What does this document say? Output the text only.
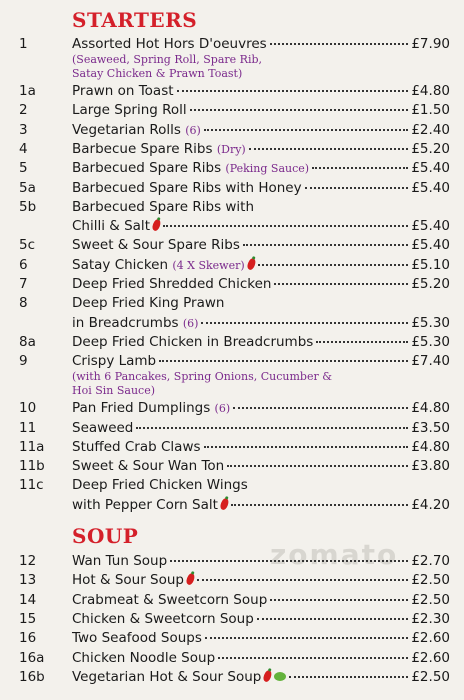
zomato
STARTERS
1	Assorted Hot Hors D'oeuvres	£7.90
(Seaweed, Spring Roll, Spare Rib,
Satay Chicken & Prawn Toast)
1a	Prawn on Toast	£4.80
2	Large Spring Roll	£1.50
3	Vegetarian Rolls (6)	£2.40
4	Barbecue Spare Ribs (Dry)	£5.20
5	Barbecued Spare Ribs (Peking Sauce)	£5.40
5a	Barbecued Spare Ribs with Honey	£5.40
5b	Barbecued Spare Ribs with
Chilli & Salt	£5.40
5c	Sweet & Sour Spare Ribs	£5.40
6	Satay Chicken (4 X Skewer)	£5.10
7	Deep Fried Shredded Chicken	£5.20
8	Deep Fried King Prawn
in Breadcrumbs (6)	£5.30
8a	Deep Fried Chicken in Breadcrumbs	£5.30
9	Crispy Lamb	£7.40
(with 6 Pancakes, Spring Onions, Cucumber &
Hoi Sin Sauce)
10	Pan Fried Dumplings (6)	£4.80
11	Seaweed	£3.50
11a Stuffed Crab Claws	£4.80
11b Sweet & Sour Wan Ton	£3.80
11c Deep Fried Chicken Wings
with Pepper Corn Salt	£4.20
SOUP
12	Wan Tun Soup	£2.70
13	Hot & Sour Soup	£2.50
14	Crabmeat & Sweetcorn Soup	£2.50
15	Chicken & Sweetcorn Soup	£2.30
16	Two Seafood Soups	£2.60
16a Chicken Noodle Soup	£2.60
16b Vegetarian Hot & Sour Soup	£2.50
